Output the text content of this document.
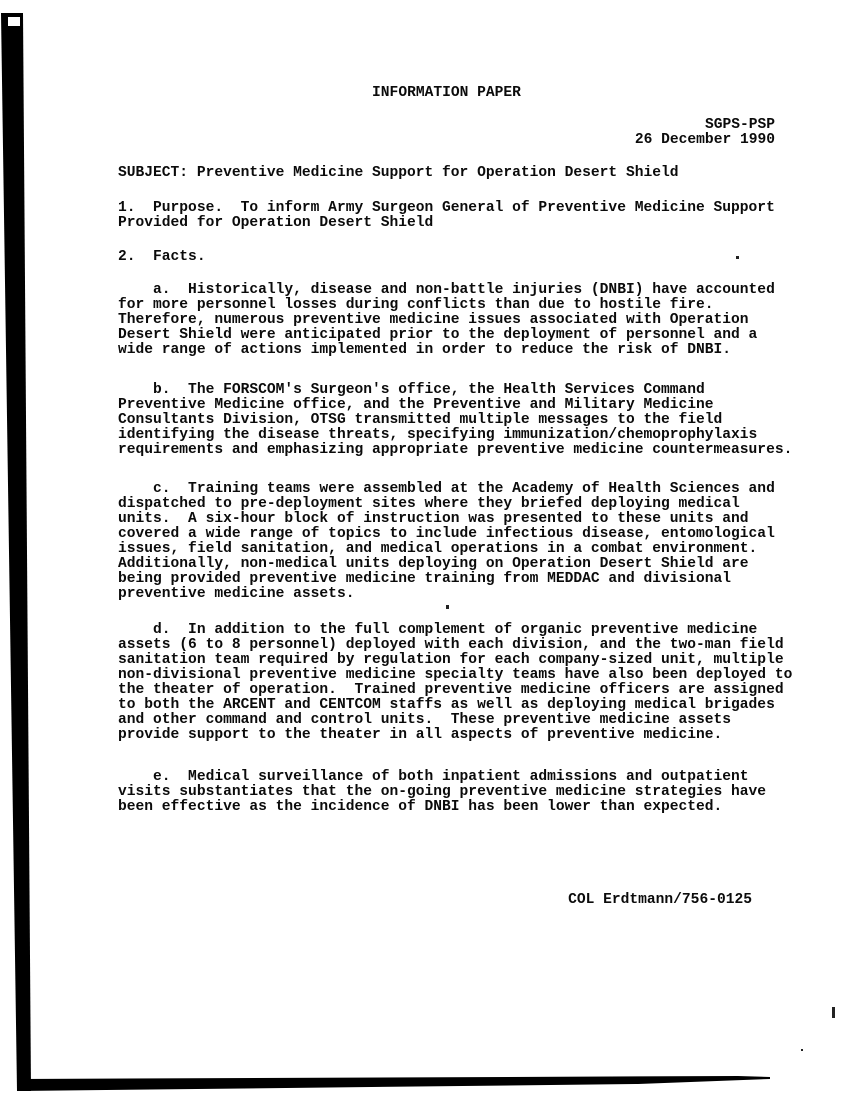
INFORMATION PAPER
SGPS-PSP
26 December 1990
SUBJECT: Preventive Medicine Support for Operation Desert Shield
1.  Purpose.  To inform Army Surgeon General of Preventive Medicine Support
Provided for Operation Desert Shield
2.  Facts.
a.  Historically, disease and non-battle injuries (DNBI) have accounted
for more personnel losses during conflicts than due to hostile fire.
Therefore, numerous preventive medicine issues associated with Operation
Desert Shield were anticipated prior to the deployment of personnel and a
wide range of actions implemented in order to reduce the risk of DNBI.
b.  The FORSCOM's Surgeon's office, the Health Services Command
Preventive Medicine office, and the Preventive and Military Medicine
Consultants Division, OTSG transmitted multiple messages to the field
identifying the disease threats, specifying immunization/chemoprophylaxis
requirements and emphasizing appropriate preventive medicine countermeasures.
c.  Training teams were assembled at the Academy of Health Sciences and
dispatched to pre-deployment sites where they briefed deploying medical
units.  A six-hour block of instruction was presented to these units and
covered a wide range of topics to include infectious disease, entomological
issues, field sanitation, and medical operations in a combat environment.
Additionally, non-medical units deploying on Operation Desert Shield are
being provided preventive medicine training from MEDDAC and divisional
preventive medicine assets.
d.  In addition to the full complement of organic preventive medicine
assets (6 to 8 personnel) deployed with each division, and the two-man field
sanitation team required by regulation for each company-sized unit, multiple
non-divisional preventive medicine specialty teams have also been deployed to
the theater of operation.  Trained preventive medicine officers are assigned
to both the ARCENT and CENTCOM staffs as well as deploying medical brigades
and other command and control units.  These preventive medicine assets
provide support to the theater in all aspects of preventive medicine.
e.  Medical surveillance of both inpatient admissions and outpatient
visits substantiates that the on-going preventive medicine strategies have
been effective as the incidence of DNBI has been lower than expected.
COL Erdtmann/756-0125
